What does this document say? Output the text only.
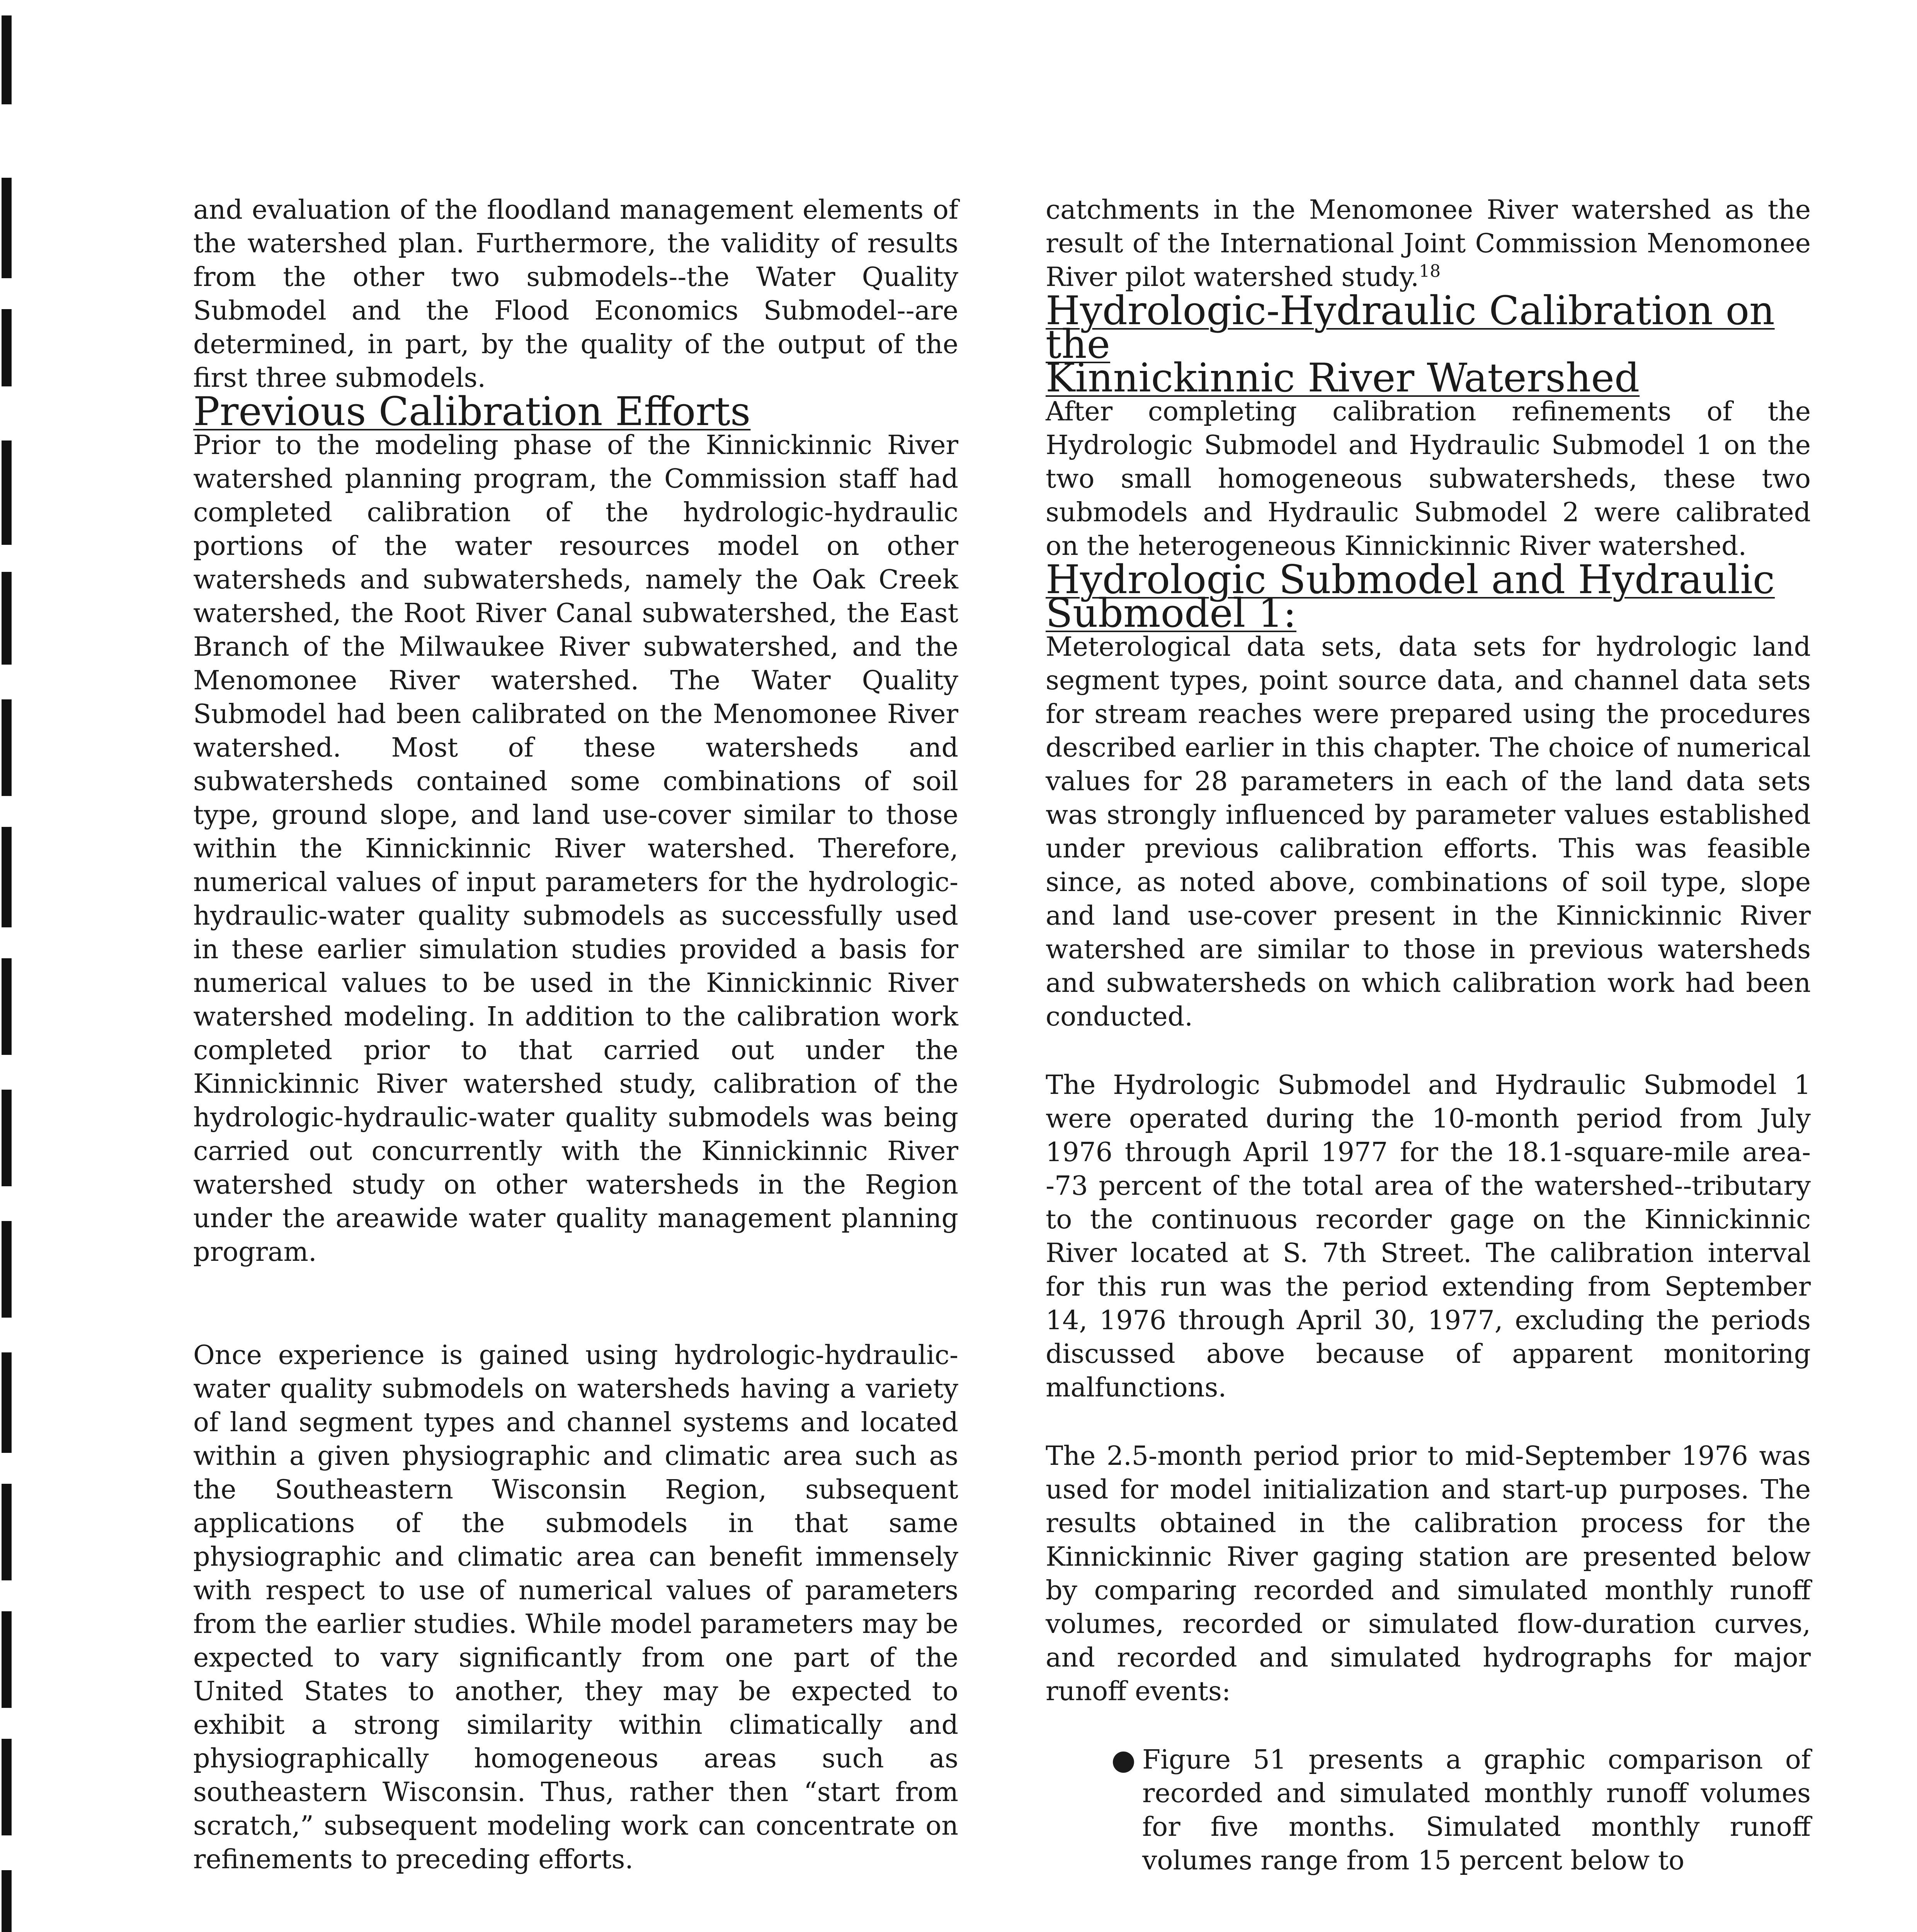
and evaluation of the floodland management elements of the watershed plan. Furthermore, the validity of results from the other two submodels--the Water Quality Submodel and the Flood Economics Submodel--are determined, in part, by the quality of the output of the first three submodels.

Previous Calibration Efforts

Prior to the modeling phase of the Kinnickinnic River watershed planning program, the Commission staff had completed calibration of the hydrologic-hydraulic portions of the water resources model on other watersheds and subwatersheds, namely the Oak Creek watershed, the Root River Canal subwatershed, the East Branch of the Milwaukee River subwatershed, and the Menomonee River watershed. The Water Quality Submodel had been calibrated on the Menomonee River watershed. Most of these watersheds and subwatersheds contained some combinations of soil type, ground slope, and land use-cover similar to those within the Kinnickinnic River watershed. Therefore, numerical values of input parameters for the hydrologic-hydraulic-water quality submodels as successfully used in these earlier simulation studies provided a basis for numerical values to be used in the Kinnickinnic River watershed modeling. In addition to the calibration work completed prior to that carried out under the Kinnickinnic River watershed study, calibration of the hydrologic-hydraulic-water quality submodels was being carried out concurrently with the Kinnickinnic River watershed study on other watersheds in the Region under the areawide water quality management planning program.

Once experience is gained using hydrologic-hydraulic-water quality submodels on watersheds having a variety of land segment types and channel systems and located within a given physiographic and climatic area such as the Southeastern Wisconsin Region, subsequent applications of the submodels in that same physiographic and climatic area can benefit immensely with respect to use of numerical values of parameters from the earlier studies. While model parameters may be expected to vary significantly from one part of the United States to another, they may be expected to exhibit a strong similarity within climatically and physiographically homogeneous areas such as southeastern Wisconsin. Thus, rather then “start from scratch,” subsequent modeling work can concentrate on refinements to preceding efforts.

catchments in the Menomonee River watershed as the result of the International Joint Commission Menomonee River pilot watershed study.$^{18}$

Hydrologic-Hydraulic Calibration on the
Kinnickinnic River Watershed

After completing calibration refinements of the Hydrologic Submodel and Hydraulic Submodel 1 on the two small homogeneous subwatersheds, these two submodels and Hydraulic Submodel 2 were calibrated on the heterogeneous Kinnickinnic River watershed.

Hydrologic Submodel and Hydraulic Submodel 1:

Meterological data sets, data sets for hydrologic land segment types, point source data, and channel data sets for stream reaches were prepared using the procedures described earlier in this chapter. The choice of numerical values for 28 parameters in each of the land data sets was strongly influenced by parameter values established under previous calibration efforts. This was feasible since, as noted above, combinations of soil type, slope and land use-cover present in the Kinnickinnic River watershed are similar to those in previous watersheds and subwatersheds on which calibration work had been conducted.

The Hydrologic Submodel and Hydraulic Submodel 1 were operated during the 10-month period from July 1976 through April 1977 for the 18.1-square-mile area--73 percent of the total area of the watershed--tributary to the continuous recorder gage on the Kinnickinnic River located at S. 7th Street. The calibration interval for this run was the period extending from September 14, 1976 through April 30, 1977, excluding the periods discussed above because of apparent monitoring malfunctions.

The 2.5-month period prior to mid-September 1976 was used for model initialization and start-up purposes. The results obtained in the calibration process for the Kinnickinnic River gaging station are presented below by comparing recorded and simulated monthly runoff volumes, recorded or simulated flow-duration curves, and recorded and simulated hydrographs for major runoff events:

● Figure 51 presents a graphic comparison of recorded and simulated monthly runoff volumes for five months. Simulated monthly runoff volumes range from 15 percent below to
